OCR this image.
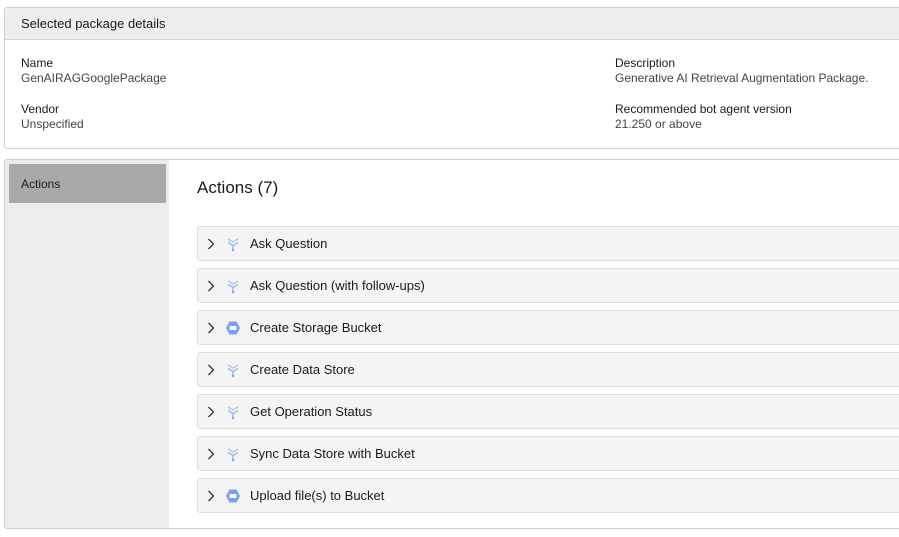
Selected package details
Name
GenAIRAGGooglePackage
Vendor
Unspecified
Description
Generative AI Retrieval Augmentation Package.
Recommended bot agent version
21.250 or above
Actions	Actions (7)
Ask Question
Ask Question (with follow-ups)
Create Storage Bucket
Create Data Store
Get Operation Status
Sync Data Store with Bucket
Upload file(s) to Bucket
